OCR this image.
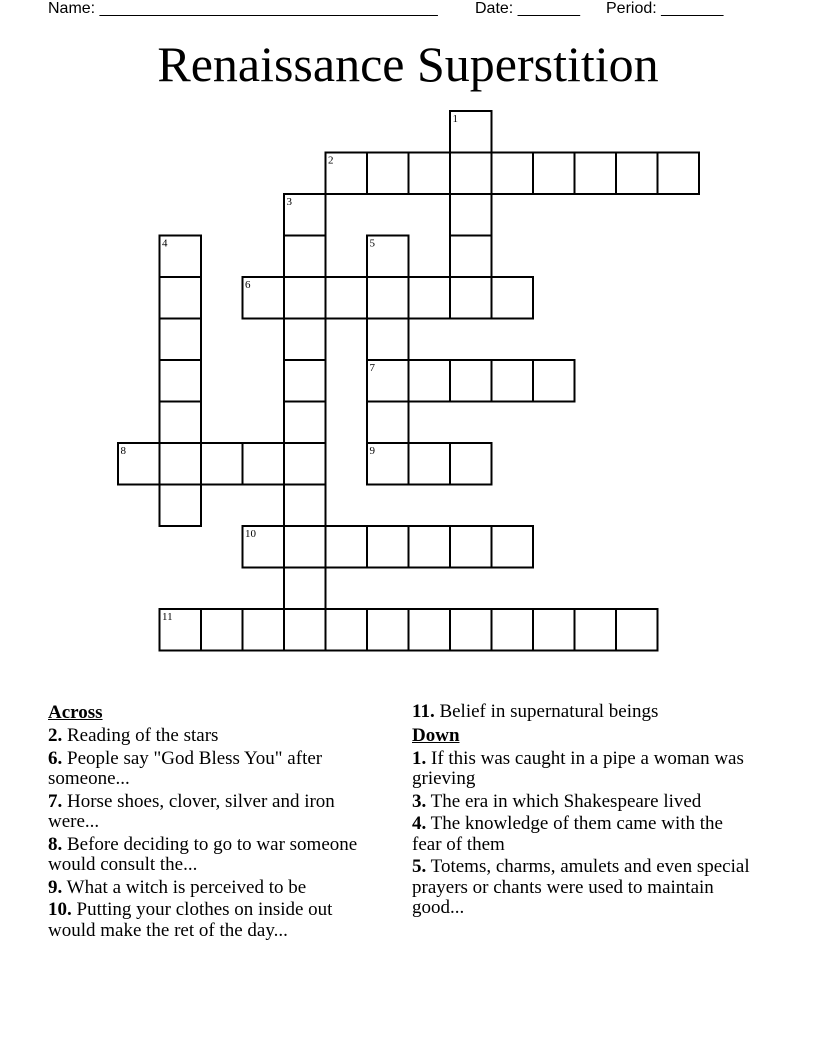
Name: ______________________________________

Date: _______

Period: _______

Renaissance Superstition
1
2
3
4	5
6
7
8	9
10
11
Across
2. Reading of the stars
6. People say "God Bless You" after someone...
7. Horse shoes, clover, silver and iron were...
8. Before deciding to go to war someone would consult the...
9. What a witch is perceived to be
10. Putting your clothes on inside out would make the ret of the day...
11. Belief in supernatural beings
Down
1. If this was caught in a pipe a woman was grieving
3. The era in which Shakespeare lived
4. The knowledge of them came with the fear of them
5. Totems, charms, amulets and even special prayers or chants were used to maintain good...
